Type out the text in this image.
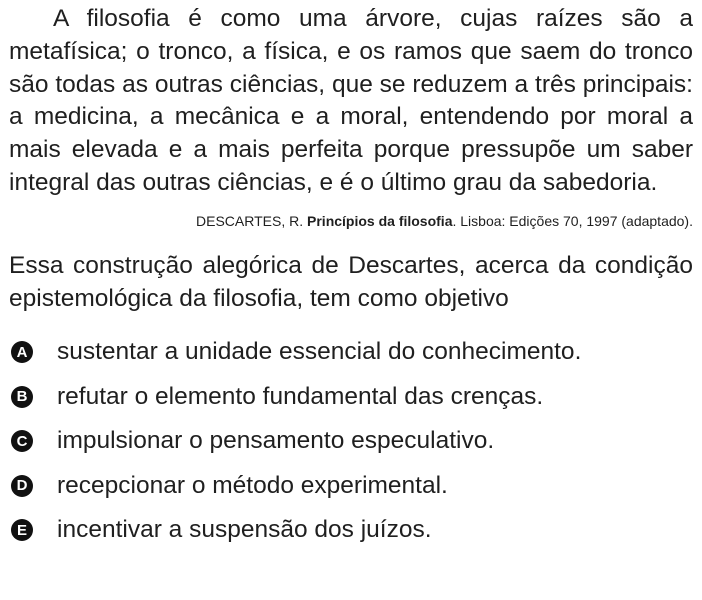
A filosofia é como uma árvore, cujas raízes são a metafísica; o tronco, a física, e os ramos que saem do tronco são todas as outras ciências, que se reduzem a três principais: a medicina, a mecânica e a moral, entendendo por moral a mais elevada e a mais perfeita porque pressupõe um saber integral das outras ciências, e é o último grau da sabedoria.

DESCARTES, R. Princípios da filosofia. Lisboa: Edições 70, 1997 (adaptado).

Essa construção alegórica de Descartes, acerca da condição epistemológica da filosofia, tem como objetivo

A sustentar a unidade essencial do conhecimento.
B refutar o elemento fundamental das crenças.
C impulsionar o pensamento especulativo.
D recepcionar o método experimental.
E incentivar a suspensão dos juízos.
